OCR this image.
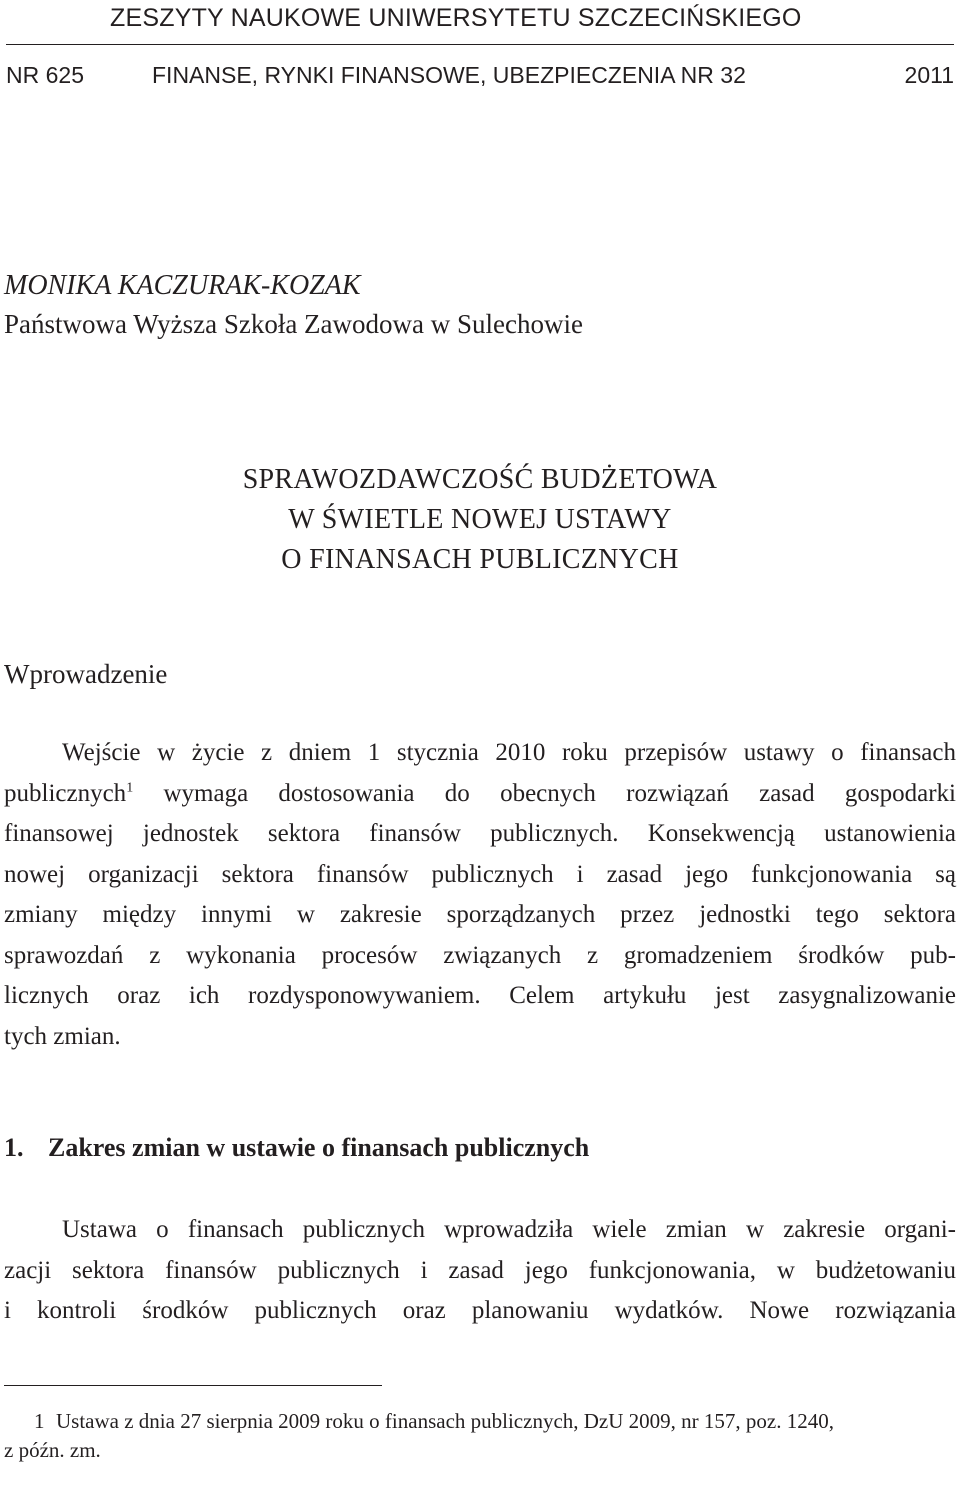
ZESZYTY NAUKOWE UNIWERSYTETU SZCZECIŃSKIEGO
NR 625	FINANSE, RYNKI FINANSOWE, UBEZPIECZENIA NR 32	2011
MONIKA KACZURAK-KOZAK
Państwowa Wyższa Szkoła Zawodowa w Sulechowie
SPRAWOZDAWCZOŚĆ BUDŻETOWA
W ŚWIETLE NOWEJ USTAWY
O FINANSACH PUBLICZNYCH
Wprowadzenie
Wejście w życie z dniem 1 stycznia 2010 roku przepisów ustawy o finansach
publicznych$^1$ wymaga dostosowania do obecnych rozwiązań zasad gospodarki
finansowej jednostek sektora finansów publicznych. Konsekwencją ustanowienia
nowej organizacji sektora finansów publicznych i zasad jego funkcjonowania są
zmiany między innymi w zakresie sporządzanych przez jednostki tego sektora
sprawozdań z wykonania procesów związanych z gromadzeniem środków pub-
licznych oraz ich rozdysponowywaniem. Celem artykułu jest zasygnalizowanie
tych zmian.
1. Zakres zmian w ustawie o finansach publicznych
Ustawa o finansach publicznych wprowadziła wiele zmian w zakresie organi-
zacji sektora finansów publicznych i zasad jego funkcjonowania, w budżetowaniu
i kontroli środków publicznych oraz planowaniu wydatków. Nowe rozwiązania
1 Ustawa z dnia 27 sierpnia 2009 roku o finansach publicznych, DzU 2009, nr 157, poz. 1240,
z późn. zm.
